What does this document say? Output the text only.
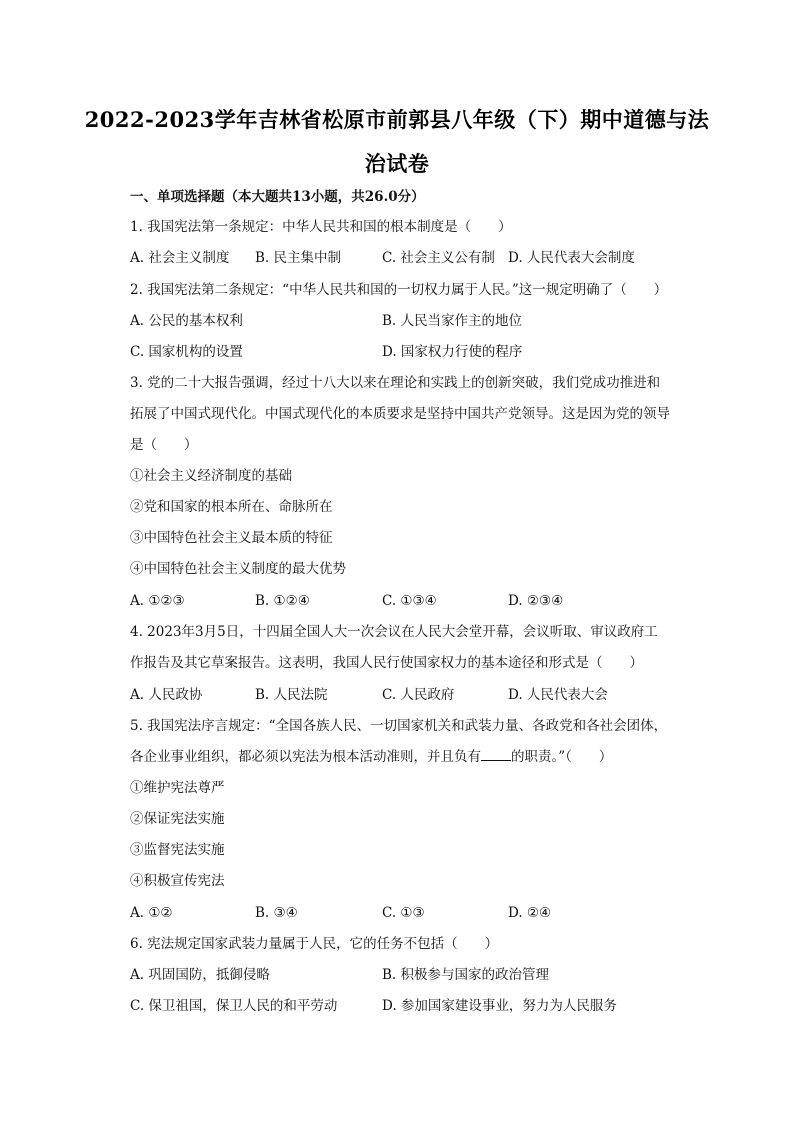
2022-2023学年吉林省松原市前郭县八年级（下）期中道德与法
治试卷
一、单项选择题（本大题共13小题，共26.0分）
1. 我国宪法第一条规定：中华人民共和国的根本制度是（　　）
A. 社会主义制度 B. 民主集中制	C. 社会主义公有制 D. 人民代表大会制度
2. 我国宪法第二条规定：“中华人民共和国的一切权力属于人民。”这一规定明确了（　　）
A. 公民的基本权利	B. 人民当家作主的地位
C. 国家机构的设置	D. 国家权力行使的程序
3. 党的二十大报告强调，经过十八大以来在理论和实践上的创新突破，我们党成功推进和
拓展了中国式现代化。中国式现代化的本质要求是坚持中国共产党领导。这是因为党的领导
是（　　）
①社会主义经济制度的基础
②党和国家的根本所在、命脉所在
③中国特色社会主义最本质的特征
④中国特色社会主义制度的最大优势
A. ①②③	B. ①②④	C. ①③④	D. ②③④
4. 2023年3月5日，十四届全国人大一次会议在人民大会堂开幕，会议听取、审议政府工
作报告及其它草案报告。这表明，我国人民行使国家权力的基本途径和形式是（　　）
A. 人民政协	B. 人民法院	C. 人民政府	D. 人民代表大会
5. 我国宪法序言规定：“全国各族人民、一切国家机关和武装力量、各政党和各社会团体，
各企业事业组织，都必须以宪法为根本活动准则，并且负有 的职责。”（　　）
①维护宪法尊严
②保证宪法实施
③监督宪法实施
④积极宣传宪法
A. ①②	B. ③④	C. ①③	D. ②④
6. 宪法规定国家武装力量属于人民，它的任务不包括（　　）
A. 巩固国防，抵御侵略	B. 积极参与国家的政治管理
C. 保卫祖国，保卫人民的和平劳动	D. 参加国家建设事业，努力为人民服务
